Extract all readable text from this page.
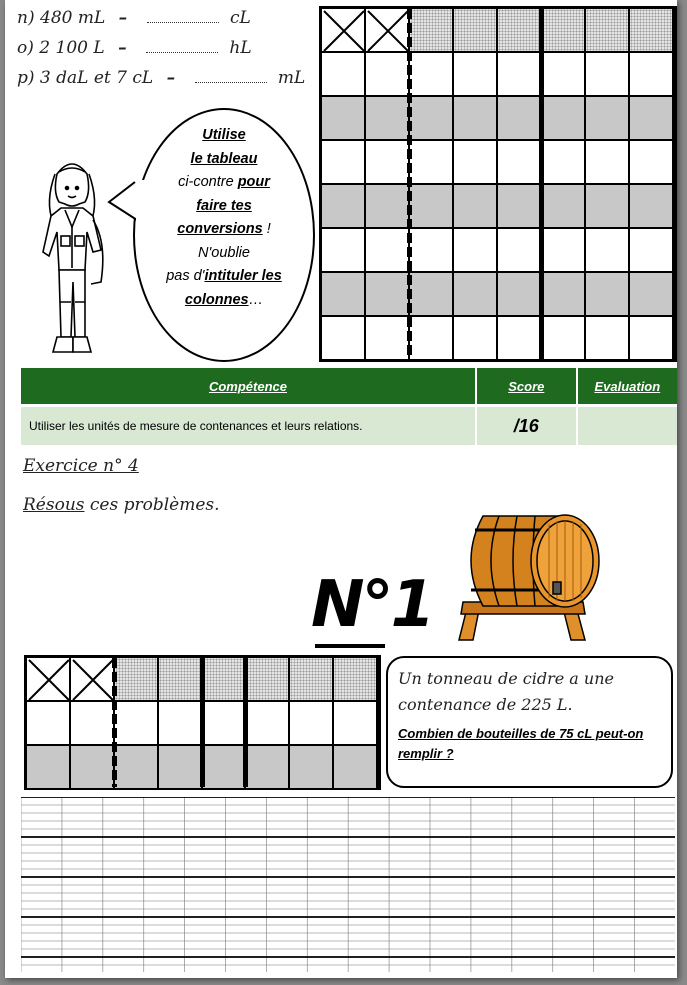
n) 480 mL –	cL
o) 2 100 L –	hL
p) 3 daL et 7 cL –	mL
Utilise
le tableau
ci-contre pour
faire tes
conversions !
N'oublie
pas d'intituler les
colonnes…
Compétence	Score	Evaluation
Utiliser les unités de mesure de contenances et leurs relations.	/16	
Exercice n° 4
Résous ces problèmes.
N°1
Un tonneau de cidre a une contenance de 225 L.
Combien de bouteilles de 75 cL peut-on remplir ?
